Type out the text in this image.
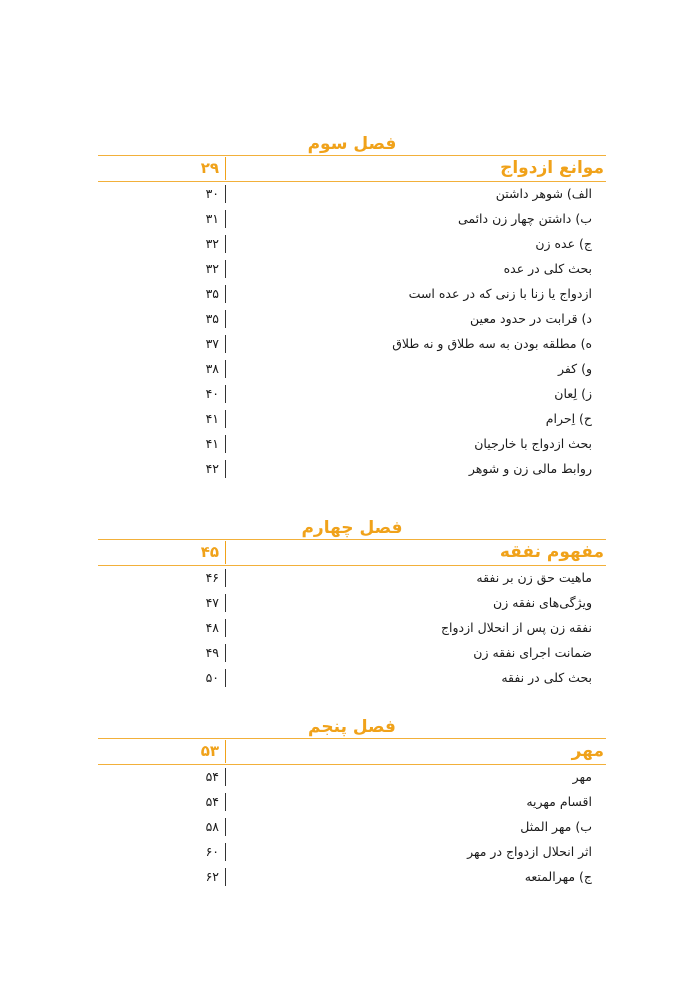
فصل سوم
موانع ازدواج
۲۹
الف) شوهر داشتن
۳۰
ب) داشتن چهار زن دائمی
۳۱
ج) عده زن
۳۲
بحث کلی در عده
۳۲
ازدواج یا زنا با زنی که در عده است
۳۵
د) قرابت در حدود معین
۳۵
ه) مطلقه بودن به سه طلاق و نه طلاق
۳۷
و) کفر
۳۸
ز) لِعان
۴۰
ح) اِحرام
۴۱
بحث ازدواج با خارجیان
۴۱
روابط مالی زن و شوهر
۴۲
فصل چهارم
مفهوم نفقه
۴۵
ماهیت حق زن بر نفقه
۴۶
ویژگی‌های نفقه زن
۴۷
نفقه زن پس از انحلال ازدواج
۴۸
ضمانت اجرای نفقه زن
۴۹
بحث کلی در نفقه
۵۰
فصل پنجم
مهر
۵۳
مهر
۵۴
اقسام مهریه
۵۴
ب) مهر المثل
۵۸
اثر انحلال ازدواج در مهر
۶۰
ج) مهرالمتعه
۶۲
